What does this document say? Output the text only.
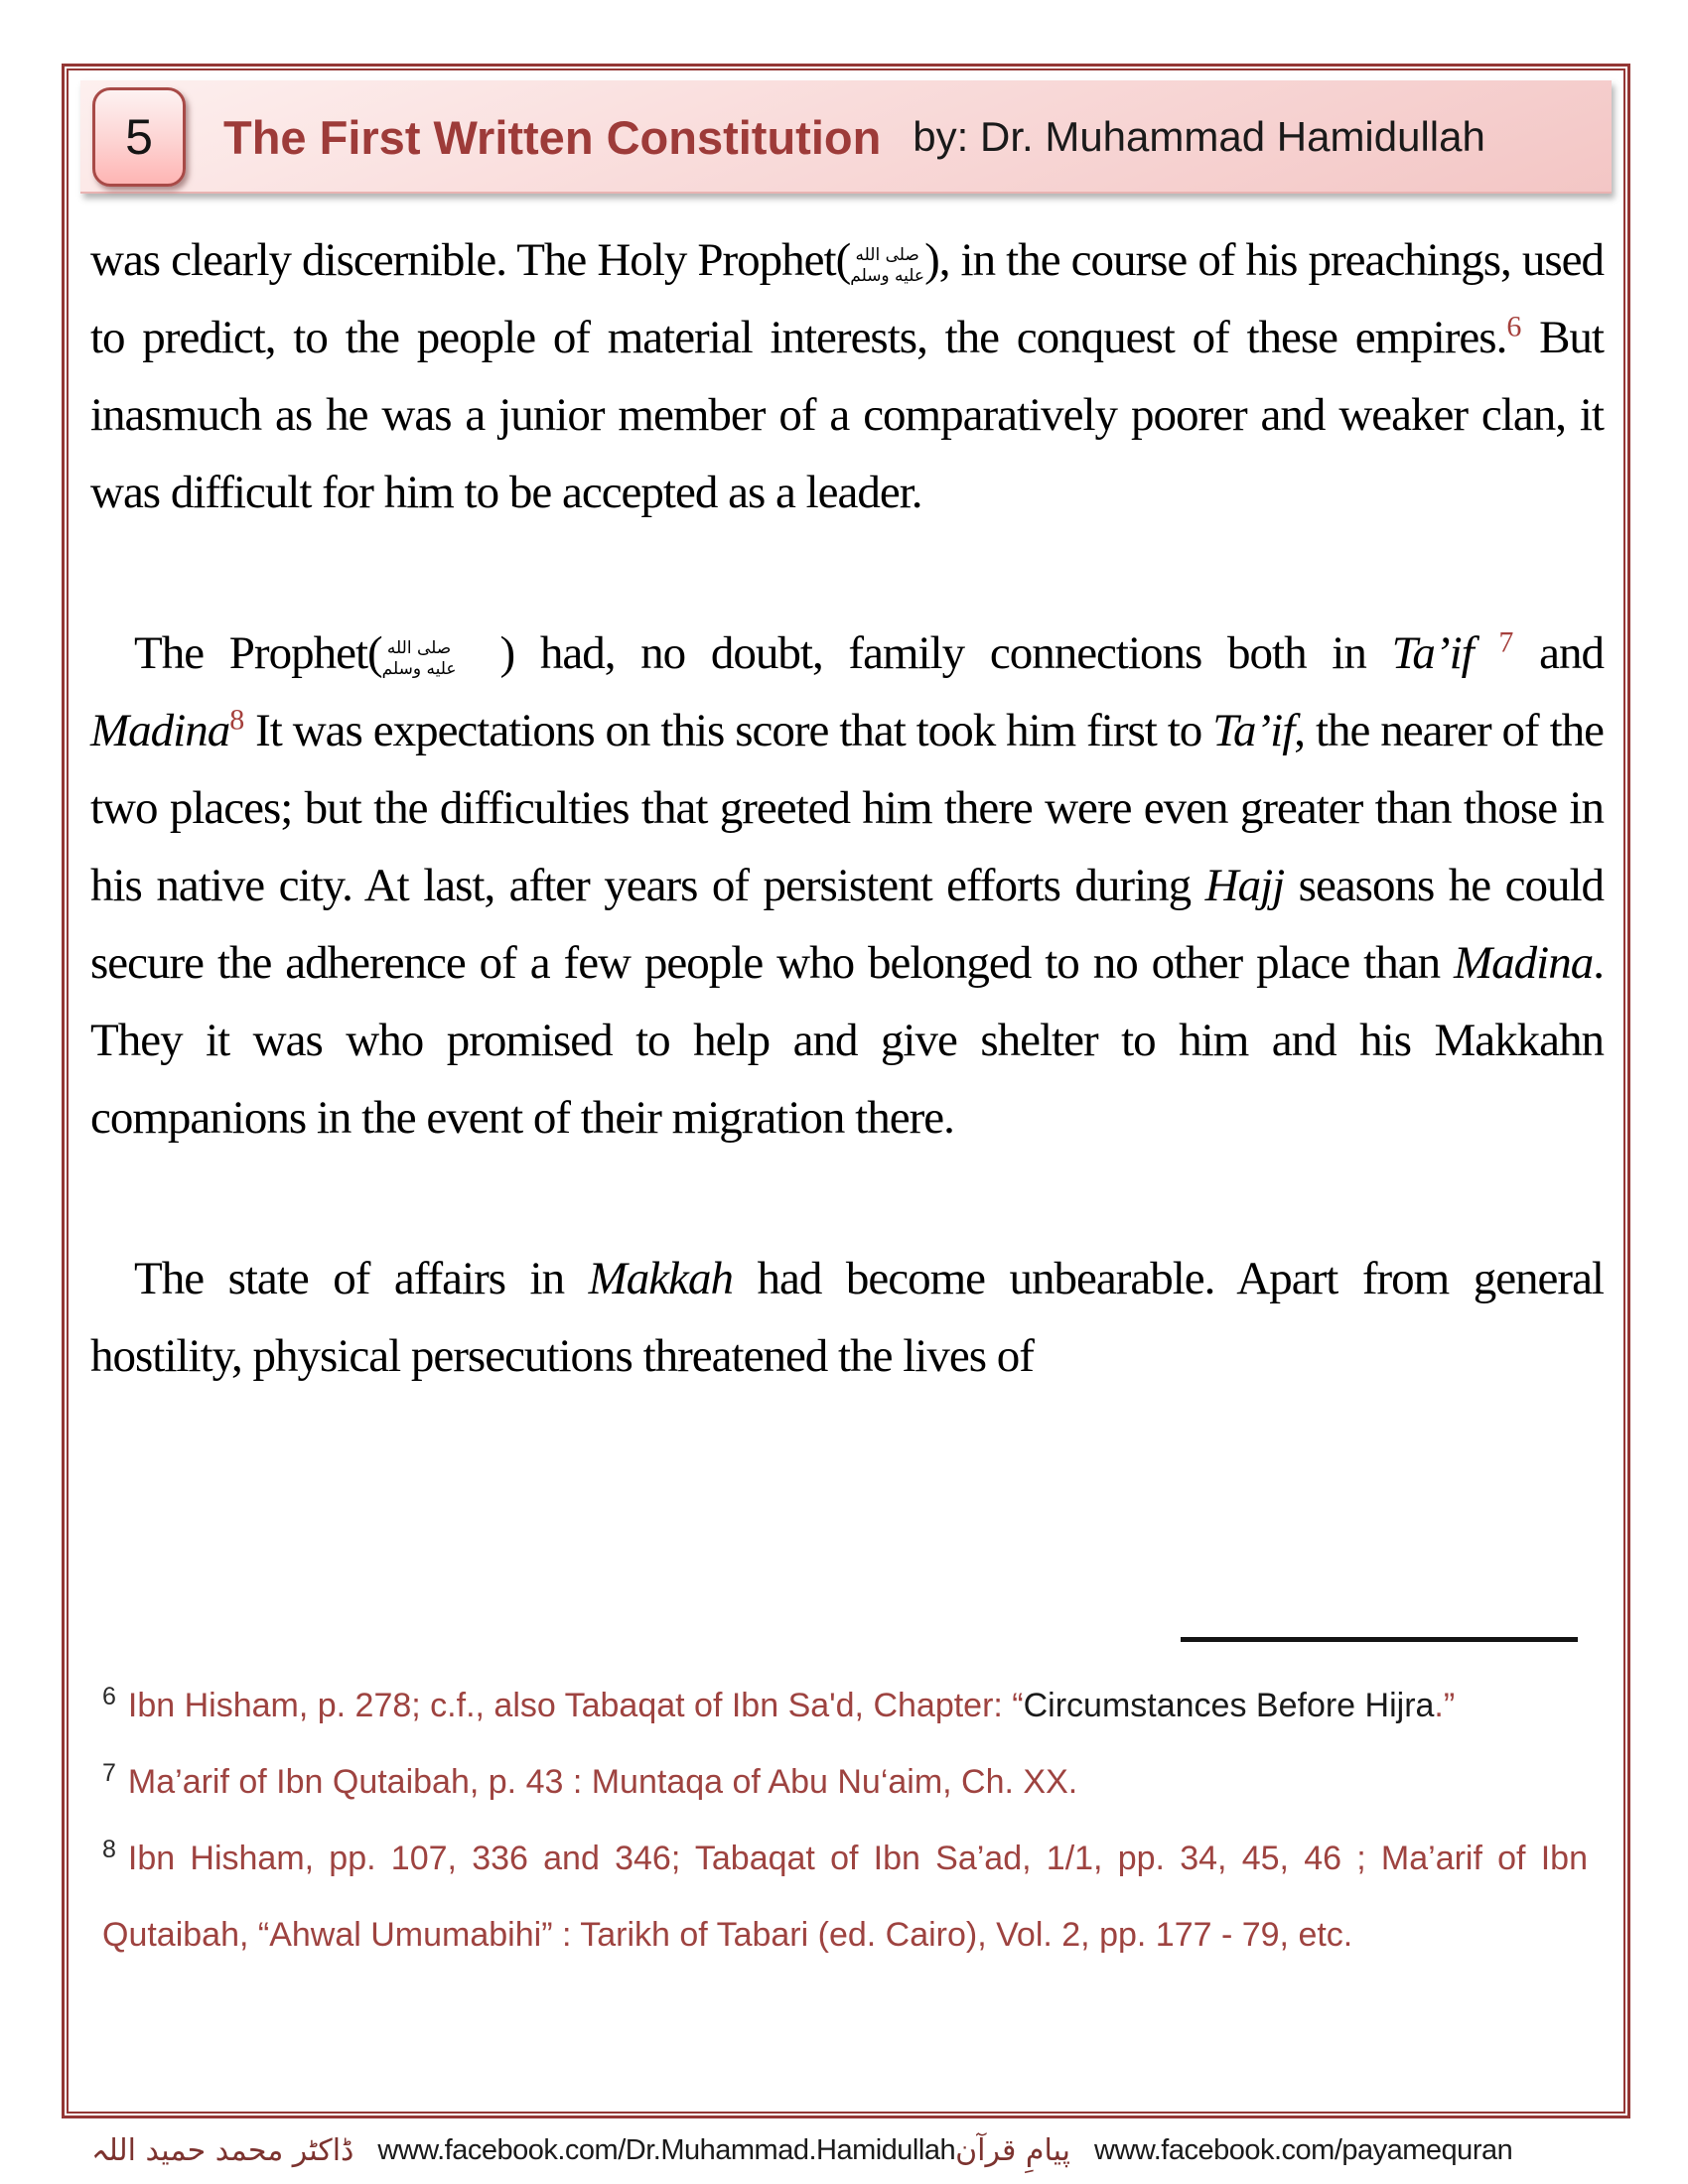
5 The First Written Constitution by: Dr. Muhammad Hamidullah

was clearly discernible. The Holy Prophet( صلى الله
عليه وسلم ), in the course of his preachings, used to predict, to the people of material interests, the conquest of these empires.$^6$ But inasmuch as he was a junior member of a comparatively poorer and weaker clan, it was difficult for him to be accepted as a leader.

The Prophet( صلى الله
عليه وسلم ) had, no doubt, family connections both in Ta’if $^7$ and Madina$^8$ It was expectations on this score that took him first to Ta’if, the nearer of the two places; but the difficulties that greeted him there were even greater than those in his native city. At last, after years of persistent efforts during Hajj seasons he could secure the adherence of a few people who belonged to no other place than Madina. They it was who promised to help and give shelter to him and his Makkahn companions in the event of their migration there.

The state of affairs in Makkah had become unbearable. Apart from general hostility, physical persecutions threatened the lives of

$^6$ Ibn Hisham, p. 278; c.f., also Tabaqat of Ibn Sa'd, Chapter: “Circumstances Before Hijra.”
$^7$ Ma’arif of Ibn Qutaibah, p. 43 : Muntaqa of Abu Nu‘aim, Ch. XX.
$^8$ Ibn Hisham, pp. 107, 336 and 346; Tabaqat of Ibn Sa’ad, 1/1, pp. 34, 45, 46 ; Ma’arif of Ibn Qutaibah, “Ahwal Umumabihi” : Tarikh of Tabari (ed. Cairo), Vol. 2, pp. 177 - 79, etc.
ڈاکٹر محمد حمید اللہ www.facebook.com/Dr.Muhammad.Hamidullah پیامِ قرآن www.facebook.com/payamequran
